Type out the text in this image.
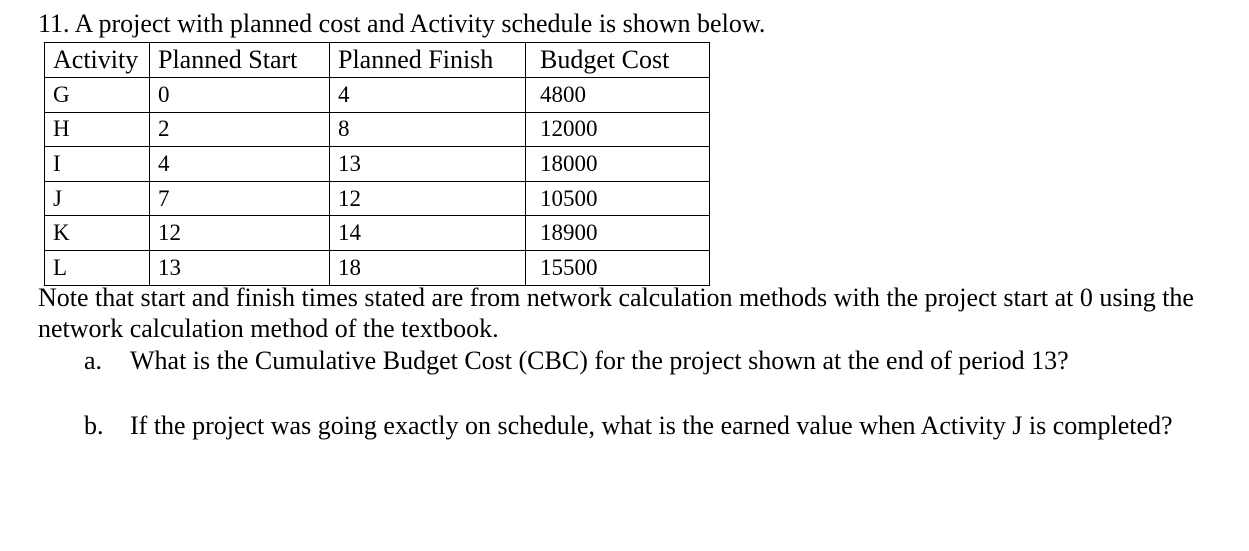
11. A project with planned cost and Activity schedule is shown below.
Activity	Planned Start	Planned Finish	Budget Cost
G	0	4	4800
H	2	8	12000
I	4	13	18000
J	7	12	10500
K	12	14	18900
L	13	18	15500
Note that start and finish times stated are from network calculation methods with the project start at 0 using the network calculation method of the textbook.
a. What is the Cumulative Budget Cost (CBC) for the project shown at the end of period 13?
b. If the project was going exactly on schedule, what is the earned value when Activity J is completed?
